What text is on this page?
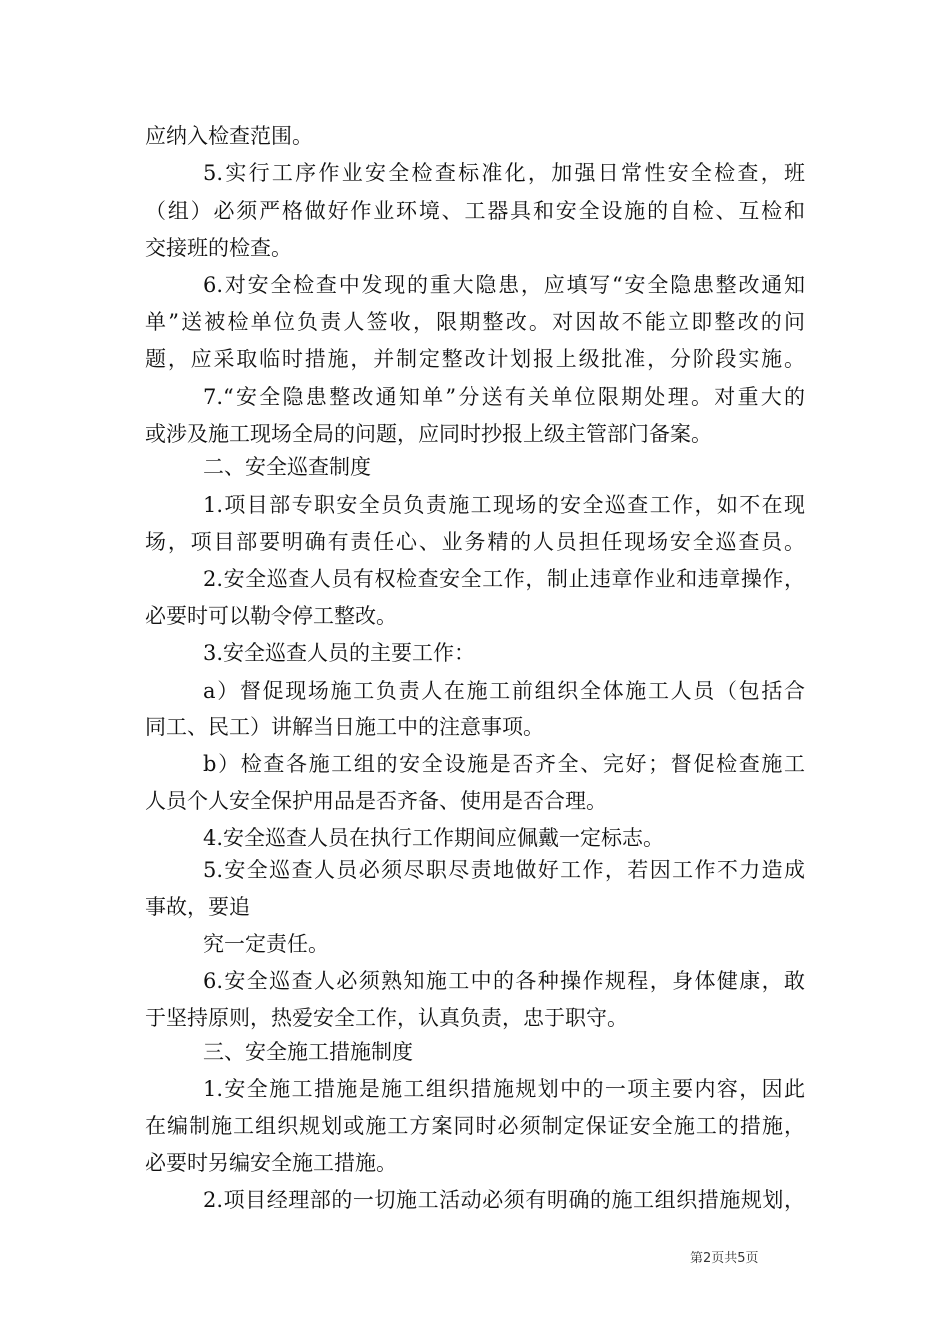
应纳入检查范围。
5.实行工序作业安全检查标准化，加强日常性安全检查，班
（组）必须严格做好作业环境、工器具和安全设施的自检、互检和
交接班的检查。
6.对安全检查中发现的重大隐患，应填写“安全隐患整改通知
单”送被检单位负责人签收，限期整改。对因故不能立即整改的问
题，应采取临时措施，并制定整改计划报上级批准，分阶段实施。
7.“安全隐患整改通知单”分送有关单位限期处理。对重大的
或涉及施工现场全局的问题，应同时抄报上级主管部门备案。
二、安全巡查制度
1.项目部专职安全员负责施工现场的安全巡查工作，如不在现
场，项目部要明确有责任心、业务精的人员担任现场安全巡查员。
2.安全巡查人员有权检查安全工作，制止违章作业和违章操作，
必要时可以勒令停工整改。
3.安全巡查人员的主要工作：
a）督促现场施工负责人在施工前组织全体施工人员（包括合
同工、民工）讲解当日施工中的注意事项。
b）检查各施工组的安全设施是否齐全、完好；督促检查施工
人员个人安全保护用品是否齐备、使用是否合理。
4.安全巡查人员在执行工作期间应佩戴一定标志。
5.安全巡查人员必须尽职尽责地做好工作，若因工作不力造成
事故，要追
究一定责任。
6.安全巡查人必须熟知施工中的各种操作规程，身体健康，敢
于坚持原则，热爱安全工作，认真负责，忠于职守。
三、安全施工措施制度
1.安全施工措施是施工组织措施规划中的一项主要内容，因此
在编制施工组织规划或施工方案同时必须制定保证安全施工的措施，
必要时另编安全施工措施。
2.项目经理部的一切施工活动必须有明确的施工组织措施规划，
第2页共5页
